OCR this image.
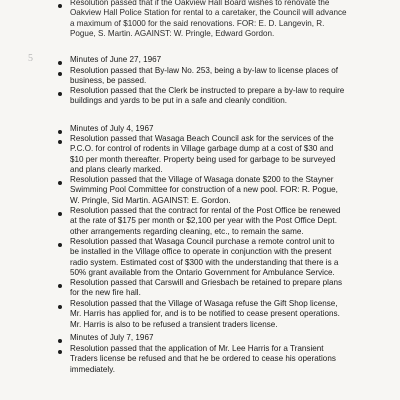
5
Resolution passed that if the Oakview Hall Board wishes to renovate the
Oakview Hall Police Station for rental to a caretaker, the Council will advance
a maximum of $1000 for the said renovations. FOR: E. D. Langevin, R.
Pogue, S. Martin. AGAINST: W. Pringle, Edward Gordon.
Minutes of June 27, 1967
Resolution passed that By-law No. 253, being a by-law to license places of
business, be passed.
Resolution passed that the Clerk be instructed to prepare a by-law to require
buildings and yards to be put in a safe and cleanly condition.
Minutes of July 4, 1967
Resolution passed that Wasaga Beach Council ask for the services of the
P.C.O. for control of rodents in Village garbage dump at a cost of $30 and
$10 per month thereafter. Property being used for garbage to be surveyed
and plans clearly marked.
Resolution passed that the Village of Wasaga donate $200 to the Stayner
Swimming Pool Committee for construction of a new pool. FOR: R. Pogue,
W. Pringle, Sid Martin. AGAINST: E. Gordon.
Resolution passed that the contract for rental of the Post Office be renewed
at the rate of $175 per month or $2,100 per year with the Post Office Dept.
other arrangements regarding cleaning, etc., to remain the same.
Resolution passed that Wasaga Council purchase a remote control unit to
be installed in the Village office to operate in conjunction with the present
radio system. Estimated cost of $300 with the understanding that there is a
50% grant available from the Ontario Government for Ambulance Service.
Resolution passed that Carswill and Griesbach be retained to prepare plans
for the new fire hall.
Resolution passed that the Village of Wasaga refuse the Gift Shop license,
Mr. Harris has applied for, and is to be notified to cease present operations.
Mr. Harris is also to be refused a transient traders license.
Minutes of July 7, 1967
Resolution passed that the application of Mr. Lee Harris for a Transient
Traders license be refused and that he be ordered to cease his operations
immediately.
